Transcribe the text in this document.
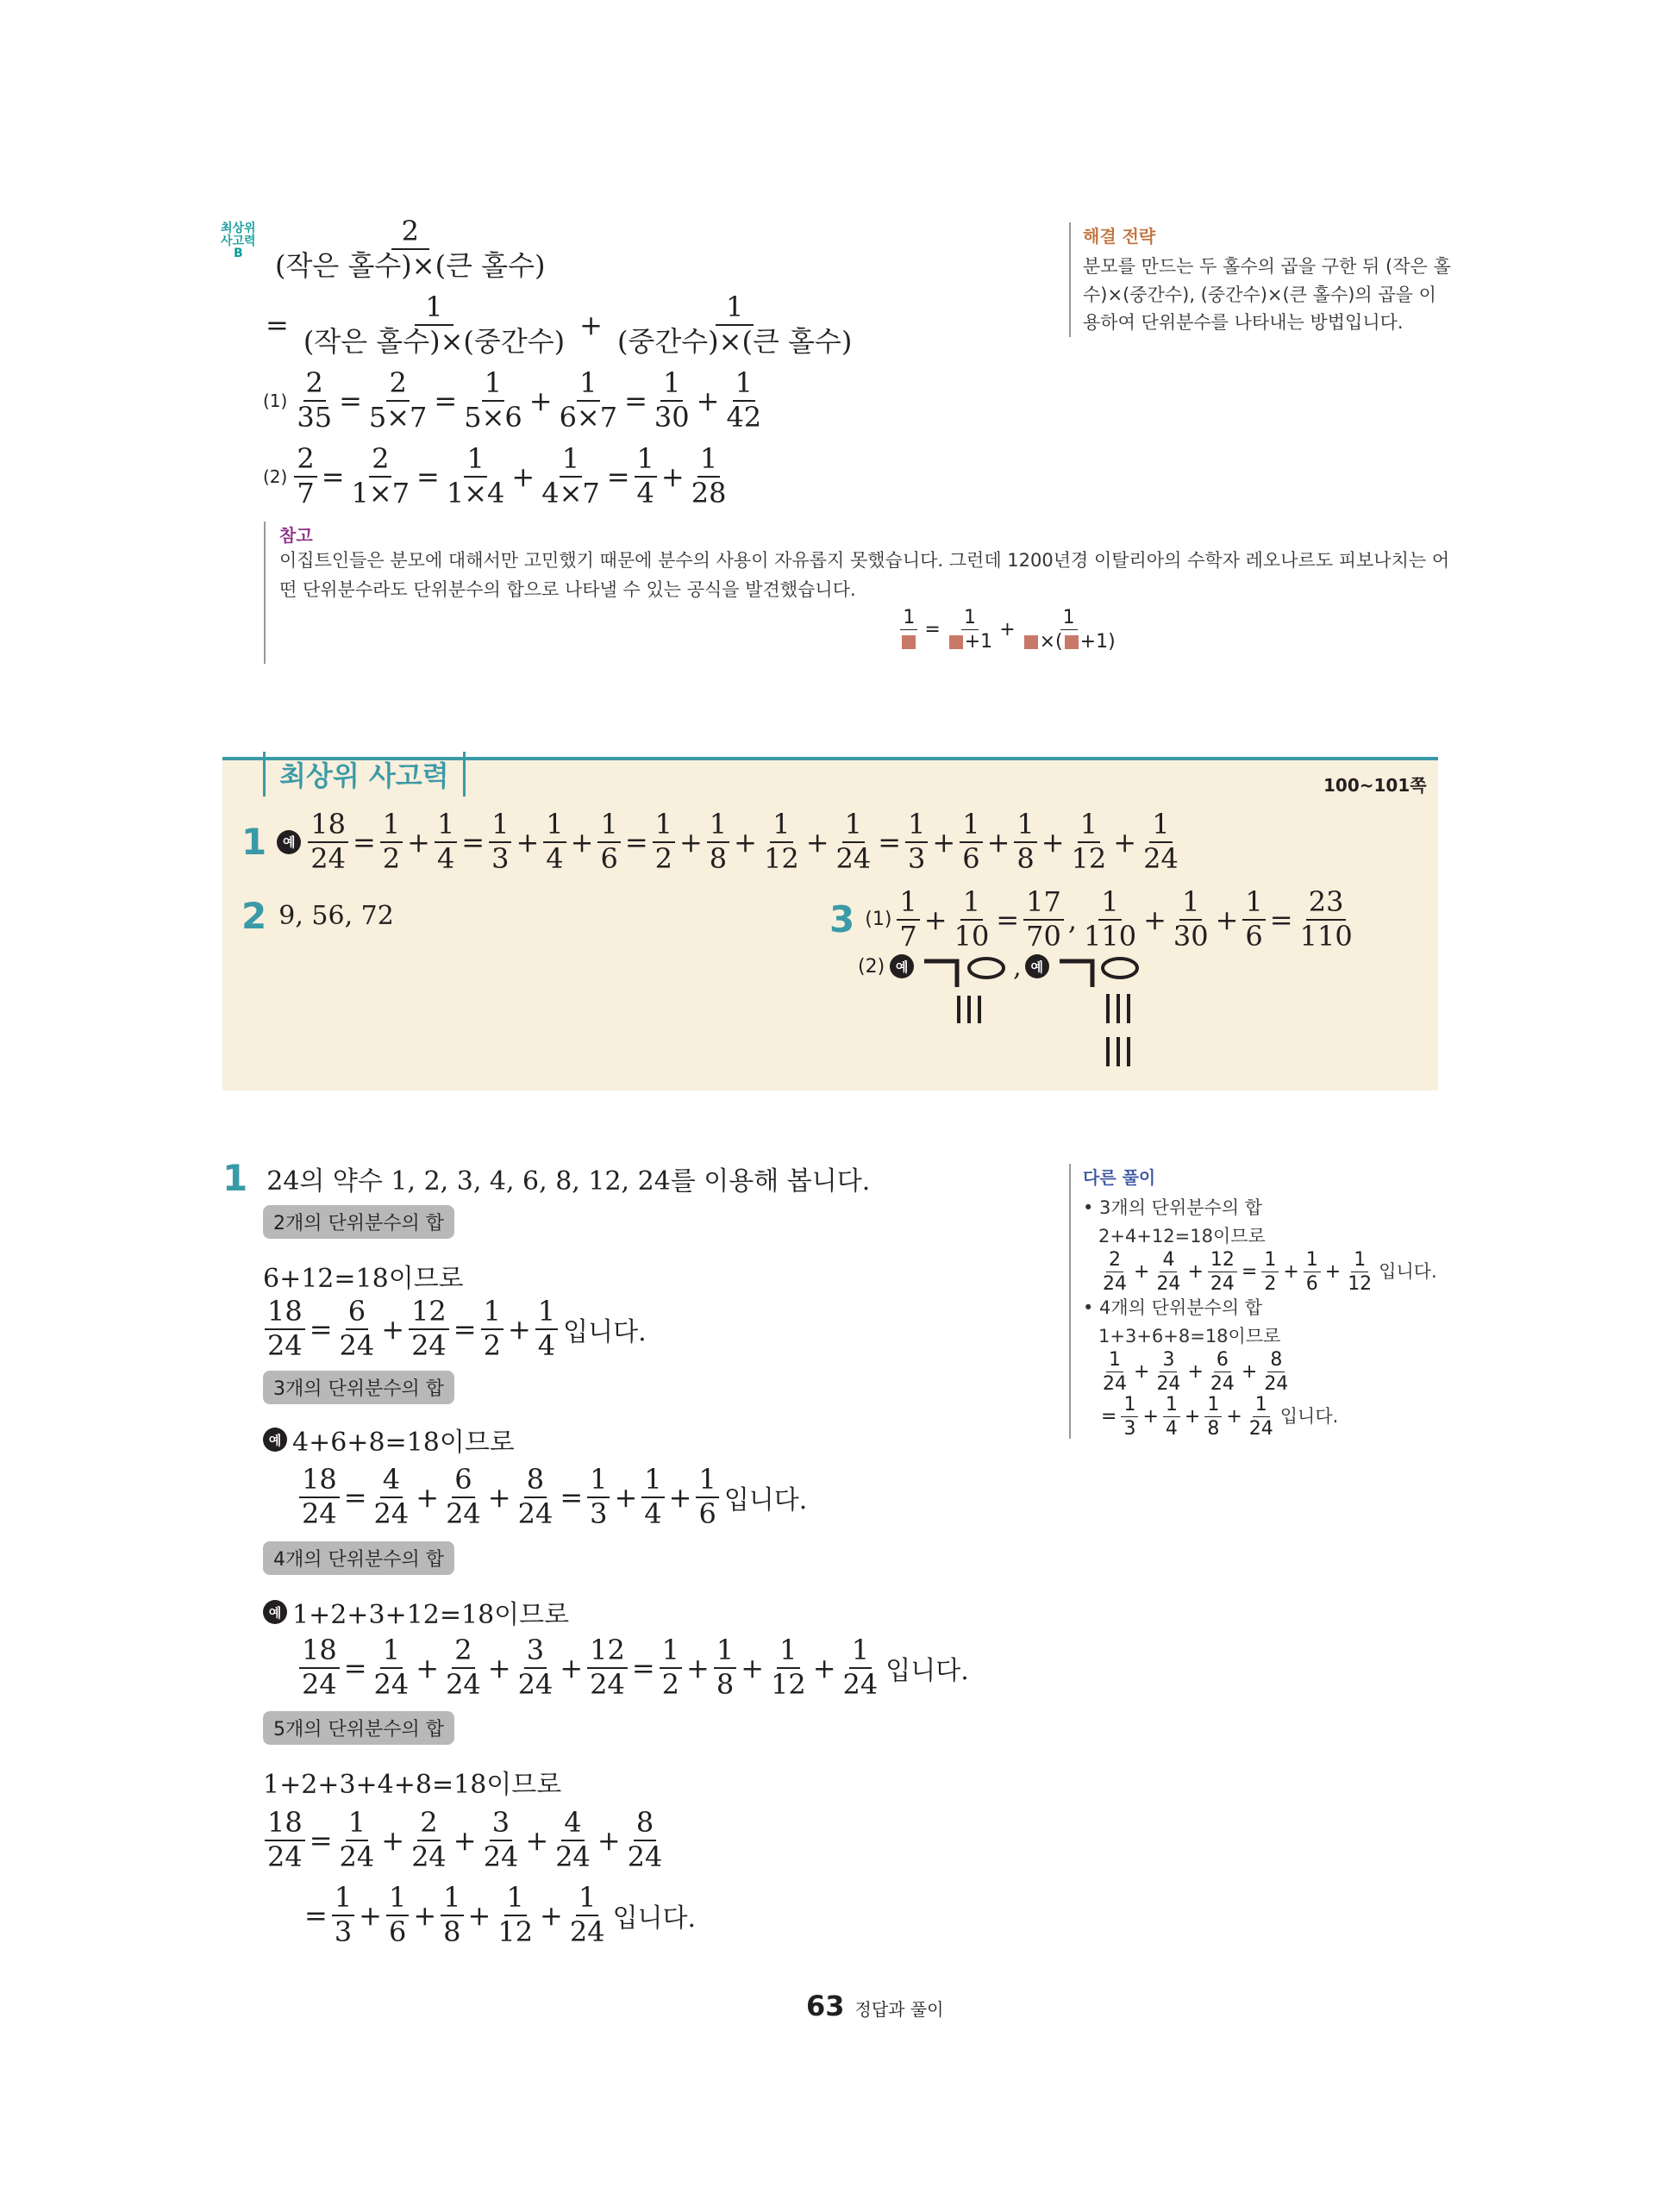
최상위
사고력
B $\frac{2}{\text{(작은 홀수)×(큰 홀수)}}$
= $\frac{1}{\text{(작은 홀수)×(중간수)}} + \frac{1}{\text{(중간수)×(큰 홀수)}}$
$(1) \frac{2}{35} = \frac{2}{5\times 7} = \frac{1}{5\times 6} + \frac{1}{6\times 7} = \frac{1}{30} + \frac{1}{42}$
$(2) \frac{2}{7} = \frac{2}{1\times 7} = \frac{1}{1\times 4} + \frac{1}{4\times 7} = \frac{1}{4} + \frac{1}{28}$
해결 전략
분모를 만드는 두 홀수의 곱을 구한 뒤 (작은 홀수)×(중간수), (중간수)×(큰 홀수)의 곱을 이용하여 단위분수를 나타내는 방법입니다.
참고
이집트인들은 분모에 대해서만 고민했기 때문에 분수의 사용이 자유롭지 못했습니다. 그런데 1200년경 이탈리아의 수학자 레오나르도 피보나치는 어떤 단위분수라도 단위분수의 합으로 나타낼 수 있는 공식을 발견했습니다.
1
= $\frac{1}{+1} + \frac{1}{\times( +1)}$
최상위 사고력	100~101쪽
1	예 $\frac{18}{24} = \frac{1}{2} + \frac{1}{4} = \frac{1}{3} + \frac{1}{4} + \frac{1}{6} = \frac{1}{2} + \frac{1}{8} + \frac{1}{12} + \frac{1}{24} = \frac{1}{3} + \frac{1}{6} + \frac{1}{8} + \frac{1}{12} + \frac{1}{24}$
2 9, 56, 72	3 $(1) \frac{1}{7} + \frac{1}{10} = \frac{17}{70}$ , $\frac{1}{110} + \frac{1}{30} + \frac{1}{6} = \frac{23}{110}$
(2) 예	, 예
1 24의 약수 1, 2, 3, 4, 6, 8, 12, 24를 이용해 봅니다.
2개의 단위분수의 합
6+12=18이므로
$\frac{18}{24} = \frac{6}{24} + \frac{12}{24} = \frac{1}{2} + \frac{1}{4}$ 입니다.
3개의 단위분수의 합
예 4+6+8=18이므로
$\frac{18}{24} = \frac{4}{24} + \frac{6}{24} + \frac{8}{24} = \frac{1}{3} + \frac{1}{4} + \frac{1}{6}$ 입니다.
4개의 단위분수의 합
예 1+2+3+12=18이므로
$\frac{18}{24} = \frac{1}{24} + \frac{2}{24} + \frac{3}{24} + \frac{12}{24} = \frac{1}{2} + \frac{1}{8} + \frac{1}{12} + \frac{1}{24}$ 입니다.
5개의 단위분수의 합
1+2+3+4+8=18이므로
$\frac{18}{24} = \frac{1}{24} + \frac{2}{24} + \frac{3}{24} + \frac{4}{24} + \frac{8}{24}$
= $\frac{1}{3} + \frac{1}{6} + \frac{1}{8} + \frac{1}{12} + \frac{1}{24}$ 입니다.
다른 풀이
• 3개의 단위분수의 합
2+4+12=18이므로
$\frac{2}{24} + \frac{4}{24} + \frac{12}{24} = \frac{1}{2} + \frac{1}{6} + \frac{1}{12}$ 입니다.
• 4개의 단위분수의 합
1+3+6+8=18이므로
$\frac{1}{24} + \frac{3}{24} + \frac{6}{24} + \frac{8}{24}$
= $\frac{1}{3} + \frac{1}{4} + \frac{1}{8} + \frac{1}{24}$ 입니다.
63 정답과 풀이
